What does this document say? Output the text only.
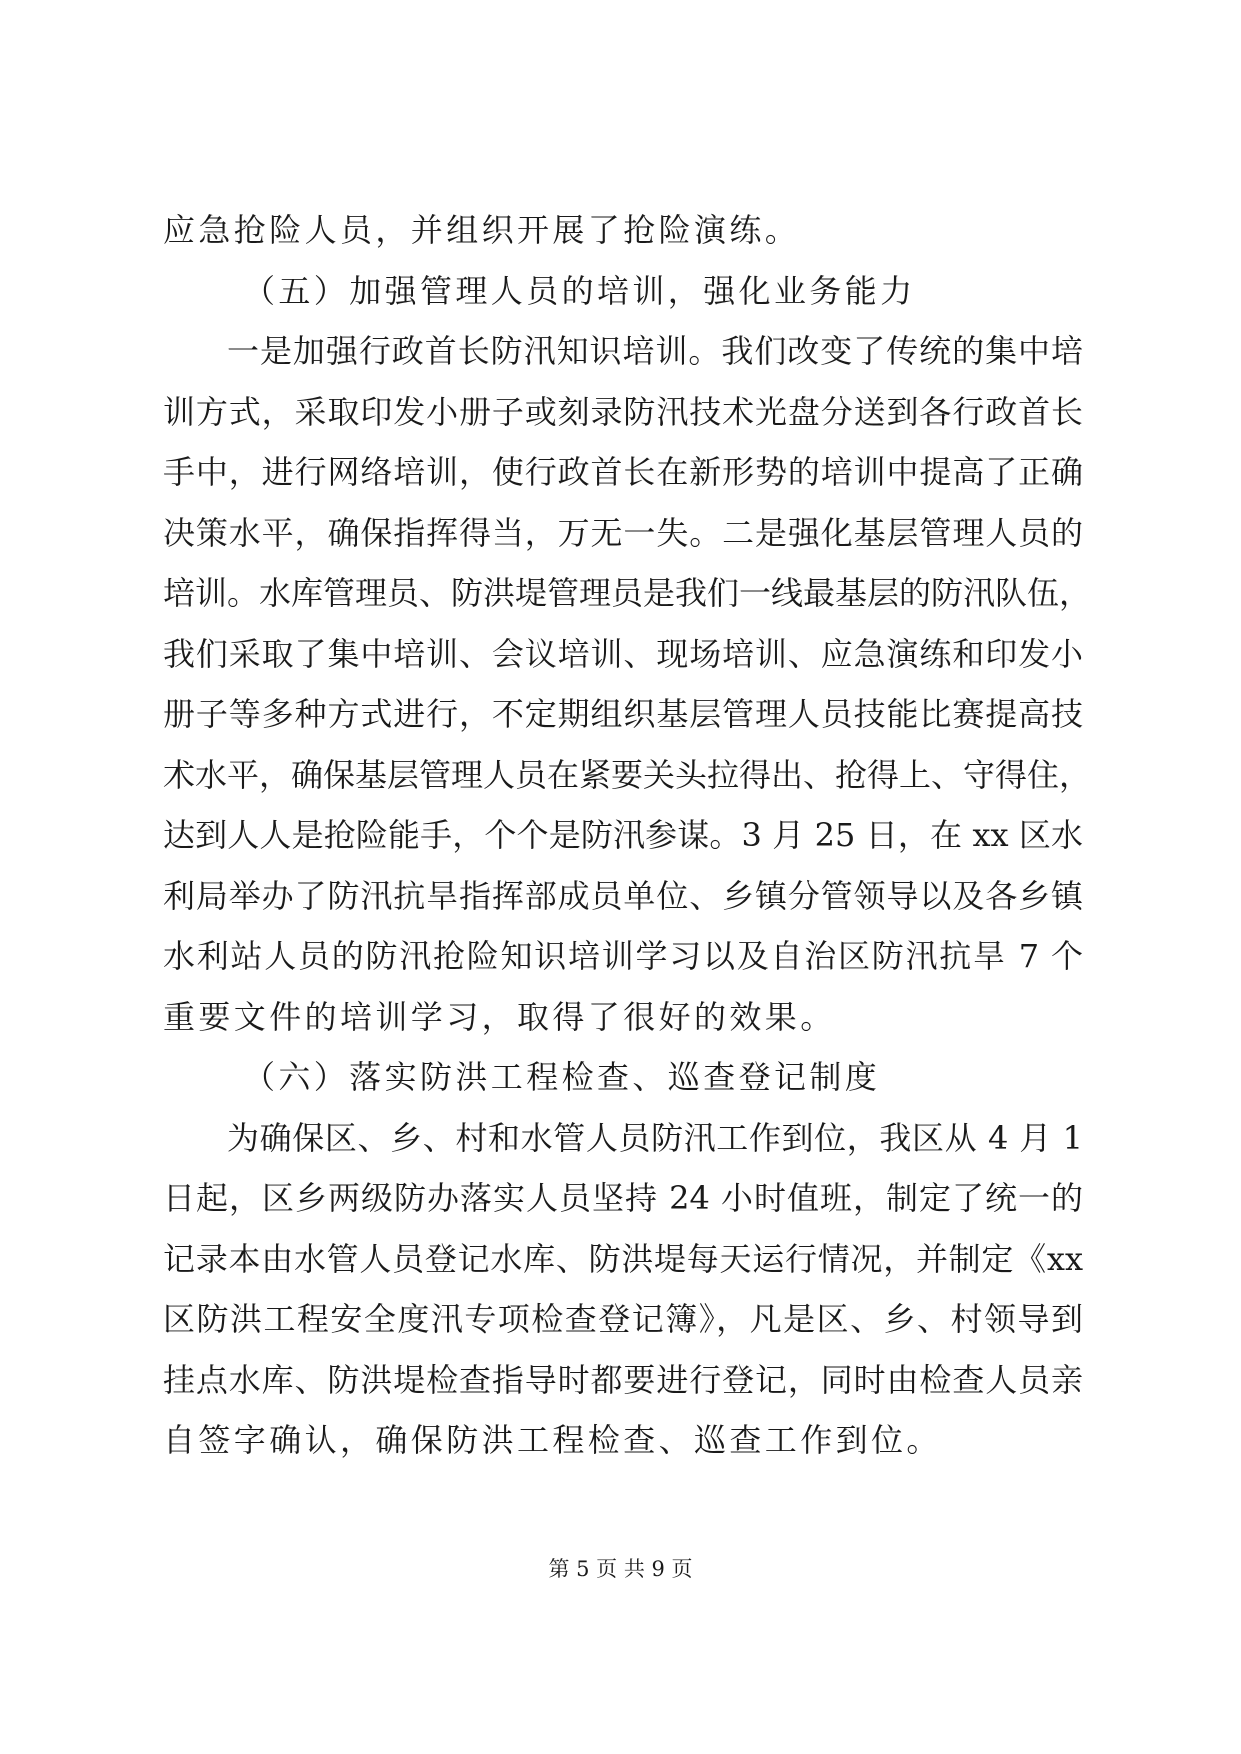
应急抢险人员，并组织开展了抢险演练。
（五）加强管理人员的培训，强化业务能力
一是加强行政首长防汛知识培训。我们改变了传统的集中培
训方式，采取印发小册子或刻录防汛技术光盘分送到各行政首长
手中，进行网络培训，使行政首长在新形势的培训中提高了正确
决策水平，确保指挥得当，万无一失。二是强化基层管理人员的
培训。水库管理员、防洪堤管理员是我们一线最基层的防汛队伍，
我们采取了集中培训、会议培训、现场培训、应急演练和印发小
册子等多种方式进行，不定期组织基层管理人员技能比赛提高技
术水平，确保基层管理人员在紧要关头拉得出、抢得上、守得住，
达到人人是抢险能手，个个是防汛参谋。3 月 25 日，在 xx 区水
利局举办了防汛抗旱指挥部成员单位、乡镇分管领导以及各乡镇
水利站人员的防汛抢险知识培训学习以及自治区防汛抗旱 7 个
重要文件的培训学习，取得了很好的效果。
（六）落实防洪工程检查、巡查登记制度
为确保区、乡、村和水管人员防汛工作到位，我区从 4 月 1
日起，区乡两级防办落实人员坚持 24 小时值班，制定了统一的
记录本由水管人员登记水库、防洪堤每天运行情况，并制定《xx
区防洪工程安全度汛专项检查登记簿》，凡是区、乡、村领导到
挂点水库、防洪堤检查指导时都要进行登记，同时由检查人员亲
自签字确认，确保防洪工程检查、巡查工作到位。
第 5 页 共 9 页
